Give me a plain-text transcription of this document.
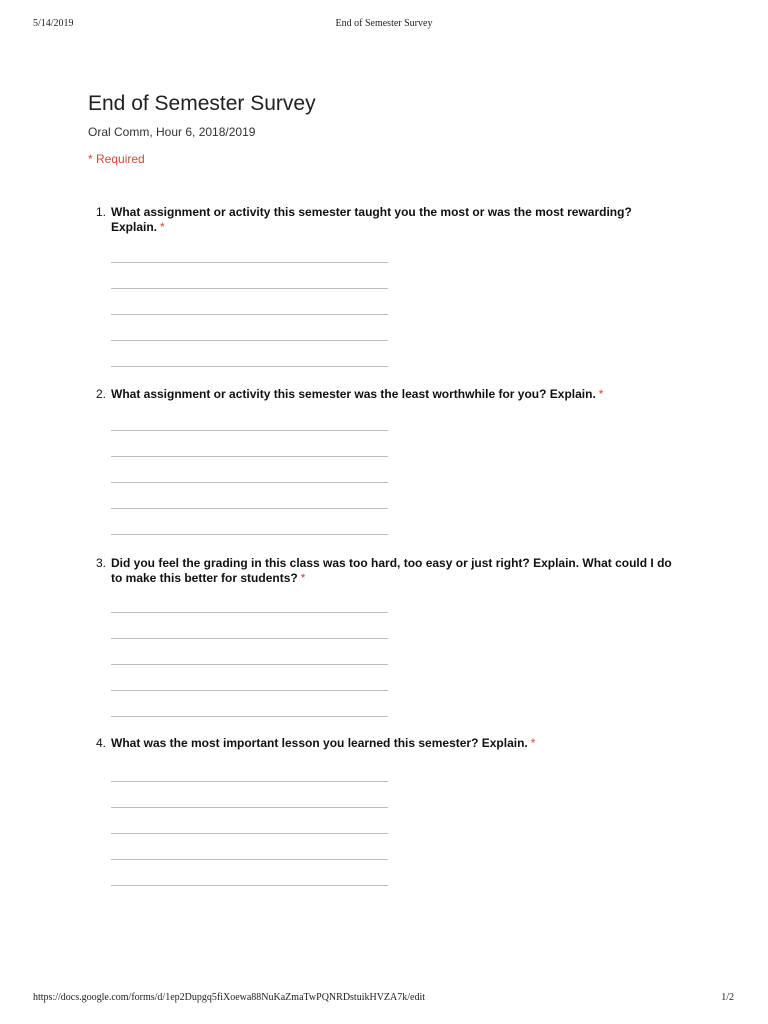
5/14/2019	End of Semester Survey
End of Semester Survey
Oral Comm, Hour 6, 2018/2019
* Required
1. What assignment or activity this semester taught you the most or was the most rewarding? Explain. *
2. What assignment or activity this semester was the least worthwhile for you? Explain. *
3. Did you feel the grading in this class was too hard, too easy or just right? Explain. What could I do to make this better for students? *
4. What was the most important lesson you learned this semester? Explain. *
https://docs.google.com/forms/d/1ep2Dupgq5fiXoewa88NuKaZmaTwPQNRDstuikHVZA7k/edit	1/2
